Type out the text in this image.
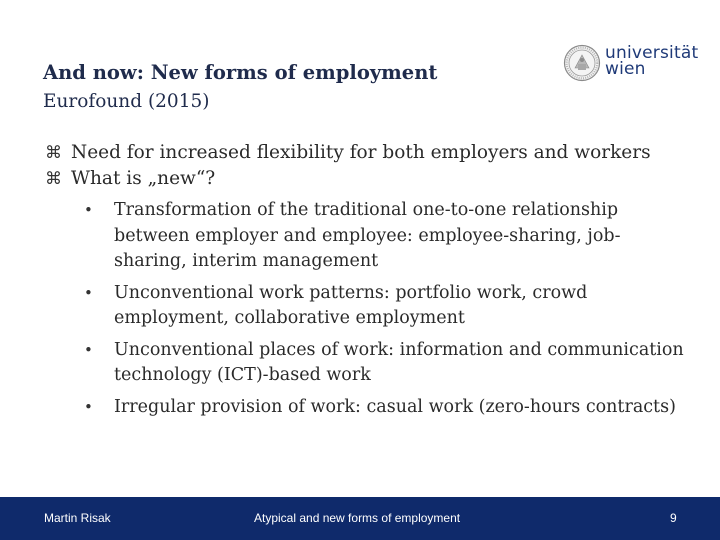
And now: New forms of employment
Eurofound (2015)
universität
wien
⌘ Need for increased flexibility for both employers and workers
⌘ What is „new“?
• Transformation of the traditional one-to-one relationship between employer and employee: employee-sharing, job-sharing, interim management
• Unconventional work patterns: portfolio work, crowd employment, collaborative employment
• Unconventional places of work: information and communication technology (ICT)-based work
• Irregular provision of work: casual work (zero-hours contracts)
Martin Risak	Atypical and new forms of employment	9
